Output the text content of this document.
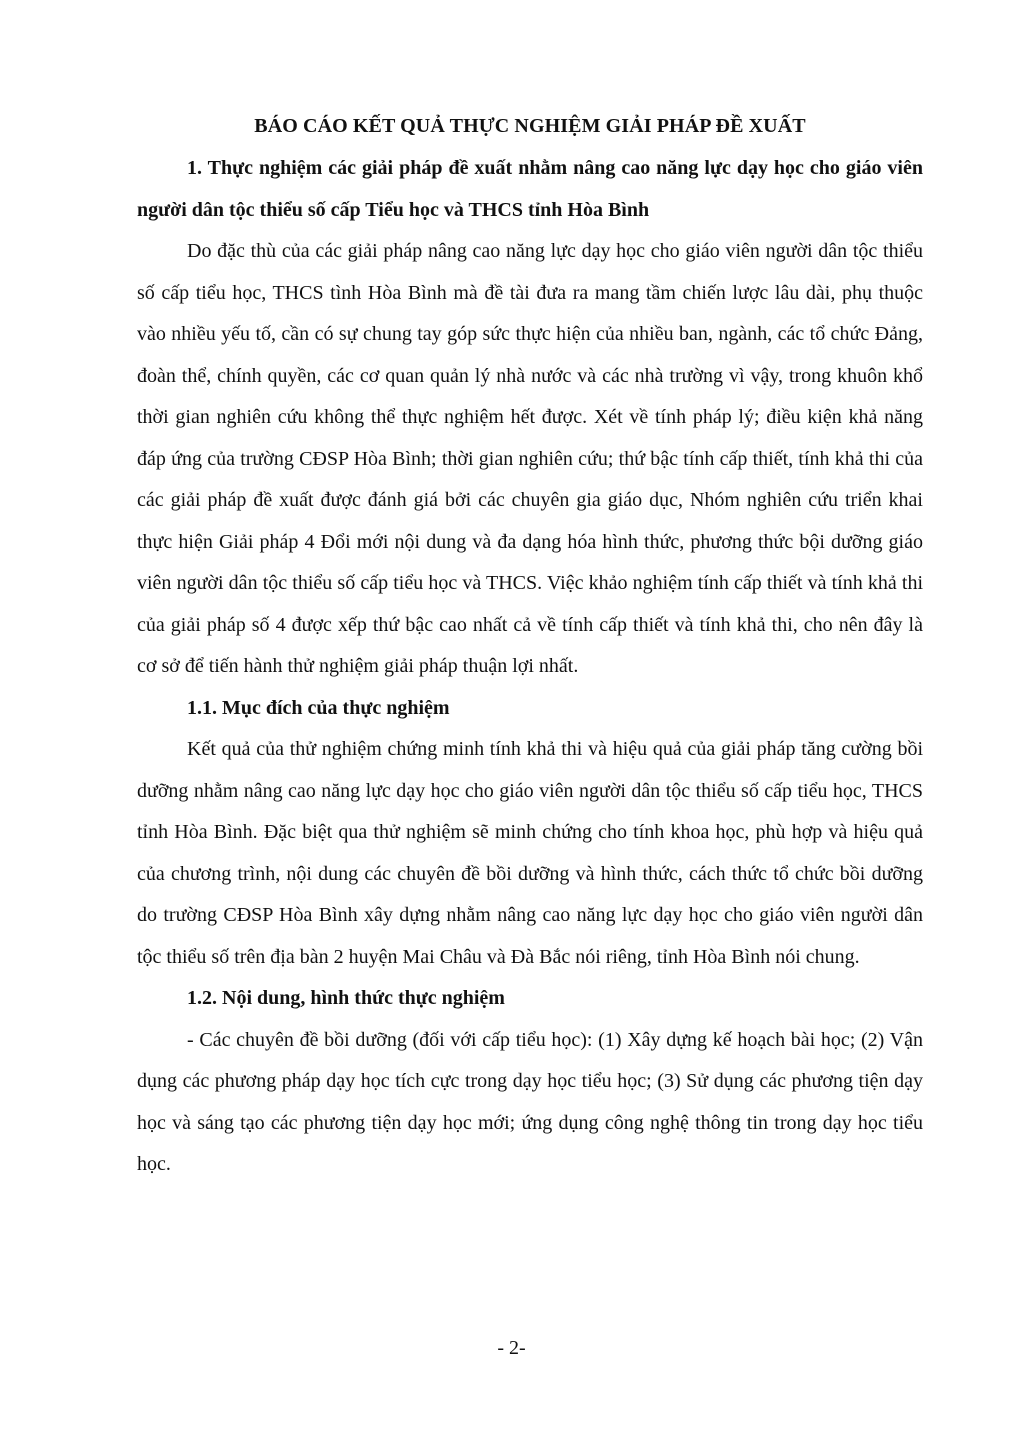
BÁO CÁO KẾT QUẢ THỰC NGHIỆM GIẢI PHÁP ĐỀ XUẤT

1. Thực nghiệm các giải pháp đề xuất nhằm nâng cao năng lực dạy học cho giáo viên người dân tộc thiểu số cấp Tiểu học và THCS tỉnh Hòa Bình

Do đặc thù của các giải pháp nâng cao năng lực dạy học cho giáo viên người dân tộc thiểu số cấp tiểu học, THCS tình Hòa Bình mà đề tài đưa ra mang tầm chiến lược lâu dài, phụ thuộc vào nhiều yếu tố, cần có sự chung tay góp sức thực hiện của nhiều ban, ngành, các tổ chức Đảng, đoàn thể, chính quyền, các cơ quan quản lý nhà nước và các nhà trường vì vậy, trong khuôn khổ thời gian nghiên cứu không thể thực nghiệm hết được. Xét về tính pháp lý; điều kiện khả năng đáp ứng của trường CĐSP Hòa Bình; thời gian nghiên cứu; thứ bậc tính cấp thiết, tính khả thi của các giải pháp đề xuất được đánh giá bởi các chuyên gia giáo dục, Nhóm nghiên cứu triển khai thực hiện Giải pháp 4 Đổi mới nội dung và đa dạng hóa hình thức, phương thức bội dưỡng giáo viên người dân tộc thiểu số cấp tiểu học và THCS. Việc khảo nghiệm tính cấp thiết và tính khả thi của giải pháp số 4 được xếp thứ bậc cao nhất cả về tính cấp thiết và tính khả thi, cho nên đây là cơ sở để tiến hành thử nghiệm giải pháp thuận lợi nhất.

1.1. Mục đích của thực nghiệm

Kết quả của thử nghiệm chứng minh tính khả thi và hiệu quả của giải pháp tăng cường bồi dưỡng nhằm nâng cao năng lực dạy học cho giáo viên người dân tộc thiểu số cấp tiểu học, THCS tỉnh Hòa Bình. Đặc biệt qua thử nghiệm sẽ minh chứng cho tính khoa học, phù hợp và hiệu quả của chương trình, nội dung các chuyên đề bồi dưỡng và hình thức, cách thức tổ chức bồi dưỡng do trường CĐSP Hòa Bình xây dựng nhằm nâng cao năng lực dạy học cho giáo viên người dân tộc thiểu số trên địa bàn 2 huyện Mai Châu và Đà Bắc nói riêng, tỉnh Hòa Bình nói chung.

1.2. Nội dung, hình thức thực nghiệm

- Các chuyên đề bồi dưỡng (đối với cấp tiểu học): (1) Xây dựng kế hoạch bài học; (2) Vận dụng các phương pháp dạy học tích cực trong dạy học tiểu học; (3) Sử dụng các phương tiện dạy học và sáng tạo các phương tiện dạy học mới; ứng dụng công nghệ thông tin trong dạy học tiểu học.

- 2-
